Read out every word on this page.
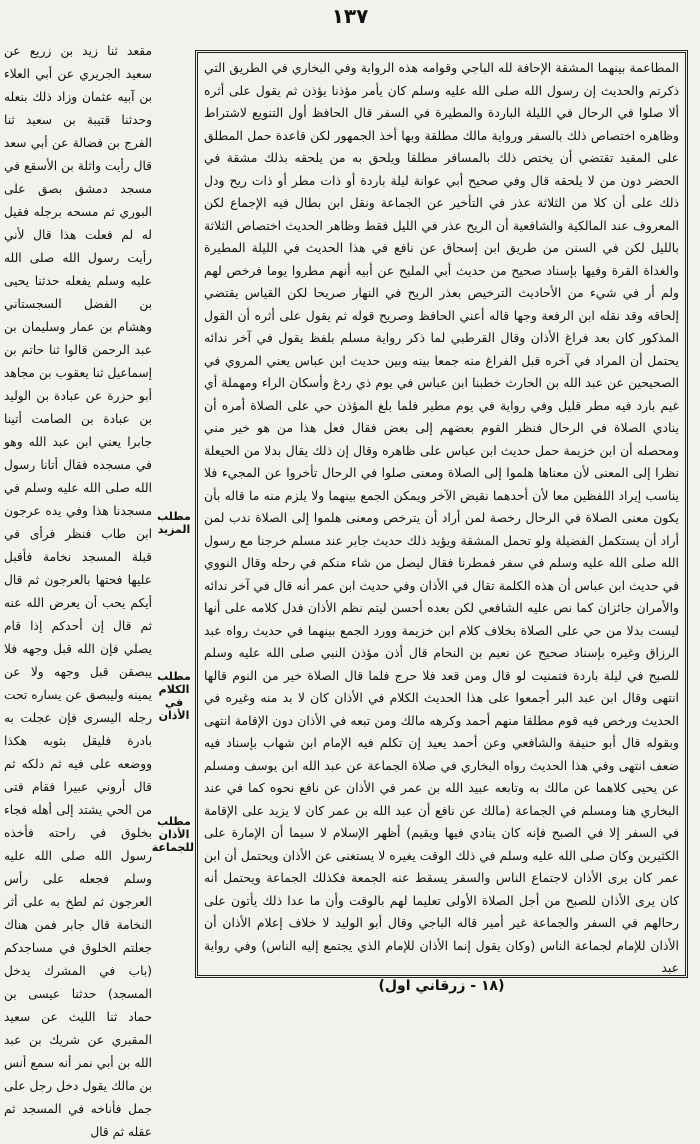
١٣٧

مقعد ثنا زيد بن زريع عن سعيد الجريري عن أبي العلاء بن آبيه عثمان وزاد ذلك بنعله وحدثنا قتيبة بن سعيد ثنا الفرج بن فضالة عن أبي سعد قال رأيت واثلة بن الأسقع في مسجد دمشق بصق على البوري ثم مسحه برجله فقيل له لم فعلت هذا قال لأني رأيت رسول الله صلى الله عليه وسلم يفعله حدثنا يحيى بن الفضل السجستاني وهشام بن عمار وسليمان بن عبد الرحمن قالوا ثنا حاتم بن إسماعيل ثنا يعقوب بن مجاهد أبو حزرة عن عبادة بن الوليد بن عبادة بن الصامت أتينا جابرا يعني ابن عبد الله وهو في مسجده فقال أتانا رسول الله صلى الله عليه وسلم في مسجدنا هذا وفي يده عرجون ابن طاب فنظر فرأى في قبلة المسجد نخامة فأقبل عليها فحتها بالعرجون ثم قال أيكم يحب أن يعرض الله عنه ثم قال إن أحدكم إذا قام يصلي فإن الله قبل وجهه فلا يبصقن قبل وجهه ولا عن يمينه وليبصق عن يساره تحت رجله اليسرى فإن عجلت به بادرة فليقل بثوبه هكذا ووضعه على فيه ثم دلكه ثم قال أروني عبيرا فقام فتى من الحي يشتد إلى أهله فجاء بخلوق في راحته فأخذه رسول الله صلى الله عليه وسلم فجعله على رأس العرجون ثم لطخ به على أثر النخامة قال جابر فمن هناك جعلتم الخلوق في مساجدكم (باب في المشرك يدخل المسجد) حدثنا عيسى بن حماد ثنا الليث عن سعيد المقبري عن شريك بن عبد الله بن أبي نمر أنه سمع أنس بن مالك يقول دخل رجل على جمل فأناخه في المسجد ثم عقله ثم قال

مطلب المزيد
مطلب الكلام في الأذان
مطلب الأذان للجماعة

المطاعمة بينهما المشقة الإحافة لله الباجي وقوامه هذه الرواية وفي البخاري في الطريق التي ذكرتم والحديث إن رسول الله صلى الله عليه وسلم كان يأمر مؤذنا يؤذن ثم يقول على أثره ألا صلوا في الرحال في الليلة الباردة والمطيرة في السفر قال الحافظ أول التنويع لاشتراط وظاهره اختصاص ذلك بالسفر ورواية مالك مطلقة وبها أخذ الجمهور لكن قاعدة حمل المطلق على المقيد تقتضي أن يختص ذلك بالمسافر مطلقا ويلحق به من يلحقه بذلك مشقة في الحضر دون من لا يلحقه قال وفي صحيح أبي عوانة ليلة باردة أو ذات مطر أو ذات ريح ودل ذلك على أن كلا من الثلاثة عذر في التأخير عن الجماعة ونقل ابن بطال فيه الإجماع لكن المعروف عند المالكية والشافعية أن الريح عذر في الليل فقط وظاهر الحديث اختصاص الثلاثة بالليل لكن في السنن من طريق ابن إسحاق عن نافع في هذا الحديث في الليلة المطيرة والغداة القرة وفيها بإسناد صحيح من حديث أبي المليح عن أبيه أنهم مطروا يوما فرخص لهم ولم أر في شيء من الأحاديث الترخيص بعذر الريح في النهار صريحا لكن القياس يقتضي إلحاقه وقد نقله ابن الرفعة وجها قاله أعني الحافظ وصريح قوله ثم يقول على أثره أن القول المذكور كان بعد فراغ الأذان وقال القرطبي لما ذكر رواية مسلم بلفظ يقول في آخر ندائه يحتمل أن المراد في آخره قبل الفراغ منه جمعا بينه وبين حديث ابن عباس يعني المروي في الصحيحين عن عبد الله بن الحارث خطبنا ابن عباس في يوم ذي ردغ وأسكان الراء ومهملة أي غيم بارد فيه مطر قليل وفي رواية في يوم مطير فلما بلغ المؤذن حي على الصلاة أمره أن ينادي الصلاة في الرحال فنظر القوم بعضهم إلى بعض فقال فعل هذا من هو خير مني ومحصله أن ابن خزيمة حمل حديث ابن عباس على ظاهره وقال إن ذلك يقال بدلا من الحيعلة نظرا إلى المعنى لأن معناها هلموا إلى الصلاة ومعنى صلوا في الرحال تأخروا عن المجيء فلا يناسب إيراد اللفظين معا لأن أحدهما نقيض الآخر ويمكن الجمع بينهما ولا يلزم منه ما قاله بأن يكون معنى الصلاة في الرحال رخصة لمن أراد أن يترخص ومعنى هلموا إلى الصلاة ندب لمن أراد أن يستكمل الفضيلة ولو تحمل المشقة ويؤيد ذلك حديث جابر عند مسلم خرجنا مع رسول الله صلى الله عليه وسلم في سفر فمطرنا فقال ليصل من شاء منكم في رحله وقال النووي في حديث ابن عباس أن هذه الكلمة تقال في الأذان وفي حديث ابن عمر أنه قال في آخر ندائه والأمران جائزان كما نص عليه الشافعي لكن بعده أحسن ليتم نظم الأذان فدل كلامه على أنها ليست بدلا من حي على الصلاة بخلاف كلام ابن خزيمة وورد الجمع بينهما في حديث رواه عبد الرزاق وغيره بإسناد صحيح عن نعيم بن النحام قال أذن مؤذن النبي صلى الله عليه وسلم للصبح في ليلة باردة فتمنيت لو قال ومن قعد فلا حرج فلما قال الصلاة خير من النوم قالها انتهى وقال ابن عبد البر أجمعوا على هذا الحديث الكلام في الأذان كان لا بد منه وغيره في الحديث ورخص فيه قوم مطلقا منهم أحمد وكرهه مالك ومن تبعه في الأذان دون الإقامة انتهى وبقوله قال أبو حنيفة والشافعي وعن أحمد يعيد إن تكلم فيه الإمام ابن شهاب بإسناد فيه ضعف انتهى وفي هذا الحديث رواه البخاري في صلاة الجماعة عن عبد الله ابن يوسف ومسلم عن يحيى كلاهما عن مالك به وتابعه عبيد الله بن عمر في الأذان عن نافع نحوه كما في عند البخاري هنا ومسلم في الجماعة (مالك عن نافع أن عبد الله بن عمر كان لا يزيد على الإقامة في السفر إلا في الصبح فإنه كان ينادي فيها ويقيم) أظهر الإسلام لا سيما أن الإمارة على الكثيرين وكان صلى الله عليه وسلم في ذلك الوقت يغيره لا يستغنى عن الأذان ويحتمل أن ابن عمر كان يرى الأذان لاجتماع الناس والسفر يسقط عنه الجمعة فكذلك الجماعة ويحتمل أنه كان يرى الأذان للصبح من أجل الصلاة الأولى تعليما لهم بالوقت وأن ما عدا ذلك يأتون على رحالهم في السفر والجماعة غير أمير قاله الباجي وقال أبو الوليد لا خلاف إعلام الأذان أن الأذان للإمام لجماعة الناس (وكان يقول إنما الأذان للإمام الذي يجتمع إليه الناس) وفي رواية عبد

(١٨ - زرقاني اول)
